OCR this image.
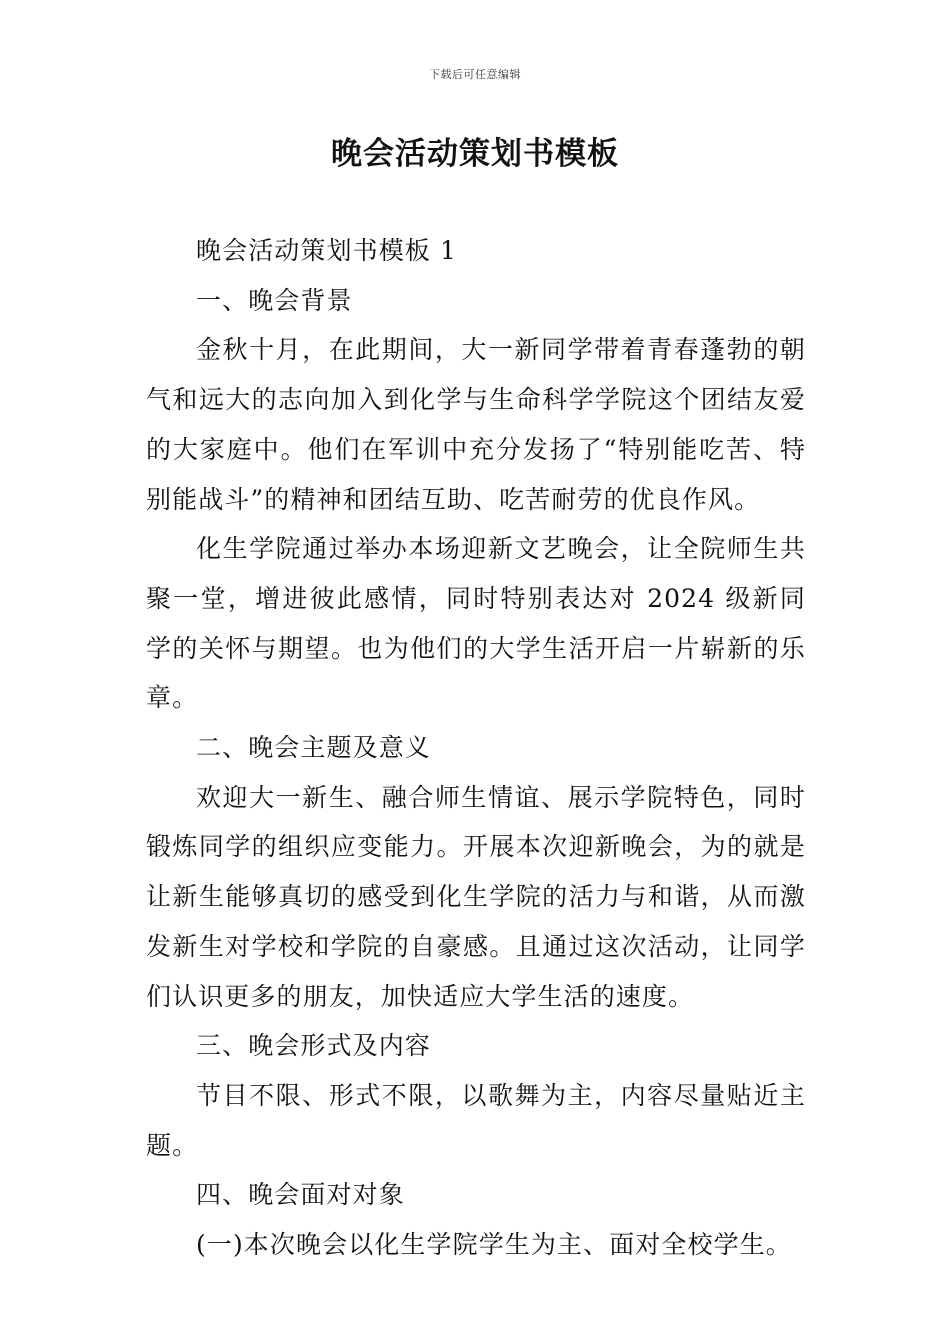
下载后可任意编辑
晚会活动策划书模板

晚会活动策划书模板 1

一、晚会背景

金秋十月，在此期间，大一新同学带着青春蓬勃的朝气和远大的志向加入到化学与生命科学学院这个团结友爱的大家庭中。他们在军训中充分发扬了“特别能吃苦、特别能战斗”的精神和团结互助、吃苦耐劳的优良作风。

化生学院通过举办本场迎新文艺晚会，让全院师生共聚一堂，增进彼此感情，同时特别表达对 2024 级新同学的关怀与期望。也为他们的大学生活开启一片崭新的乐章。

二、晚会主题及意义

欢迎大一新生、融合师生情谊、展示学院特色，同时锻炼同学的组织应变能力。开展本次迎新晚会，为的就是让新生能够真切的感受到化生学院的活力与和谐，从而激发新生对学校和学院的自豪感。且通过这次活动，让同学们认识更多的朋友，加快适应大学生活的速度。

三、晚会形式及内容

节目不限、形式不限，以歌舞为主，内容尽量贴近主题。

四、晚会面对对象

(一)本次晚会以化生学院学生为主、面对全校学生。
